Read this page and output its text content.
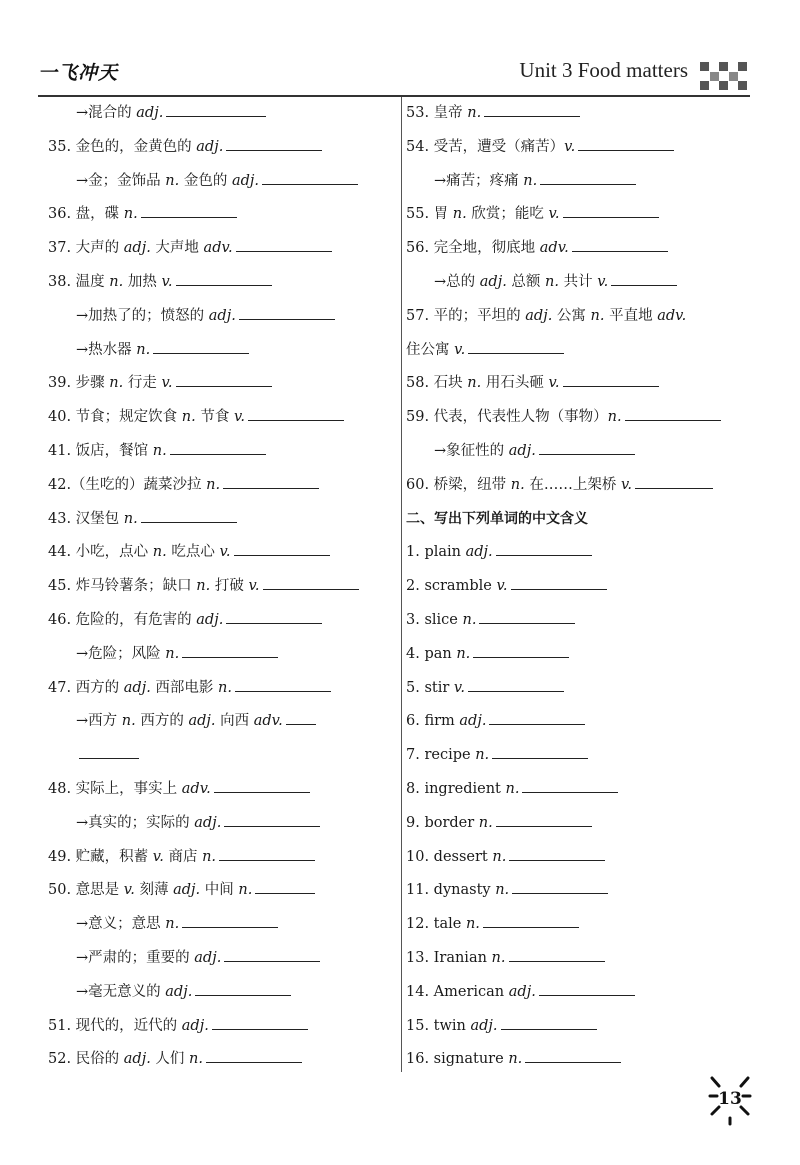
一飞冲天	Unit 3 Food matters
→混合的 adj.
35. 金色的，金黄色的 adj.
→金；金饰品 n. 金色的 adj.
36. 盘，碟 n.
37. 大声的 adj. 大声地 adv.
38. 温度 n. 加热 v.
→加热了的；愤怒的 adj.
→热水器 n.
39. 步骤 n. 行走 v.
40. 节食；规定饮食 n. 节食 v.
41. 饭店，餐馆 n.
42.（生吃的）蔬菜沙拉 n.
43. 汉堡包 n.
44. 小吃，点心 n. 吃点心 v.
45. 炸马铃薯条；缺口 n. 打破 v.
46. 危险的，有危害的 adj.
→危险；风险 n.
47. 西方的 adj. 西部电影 n.
→西方 n. 西方的 adj. 向西 adv.
48. 实际上，事实上 adv.
→真实的；实际的 adj.
49. 贮藏，积蓄 v. 商店 n.
50. 意思是 v. 刻薄 adj. 中间 n.
→意义；意思 n.
→严肃的；重要的 adj.
→毫无意义的 adj.
51. 现代的，近代的 adj.
52. 民俗的 adj. 人们 n.
53. 皇帝 n.
54. 受苦，遭受（痛苦）v.
→痛苦；疼痛 n.
55. 胃 n. 欣赏；能吃 v.
56. 完全地，彻底地 adv.
→总的 adj. 总额 n. 共计 v.
57. 平的；平坦的 adj. 公寓 n. 平直地 adv.
住公寓 v.
58. 石块 n. 用石头砸 v.
59. 代表，代表性人物（事物）n.
→象征性的 adj.
60. 桥梁，纽带 n. 在……上架桥 v.
二、写出下列单词的中文含义
1. plain adj.
2. scramble v.
3. slice n.
4. pan n.
5. stir v.
6. firm adj.
7. recipe n.
8. ingredient n.
9. border n.
10. dessert n.
11. dynasty n.
12. tale n.
13. Iranian n.
14. American adj.
15. twin adj.
16. signature n.
13
